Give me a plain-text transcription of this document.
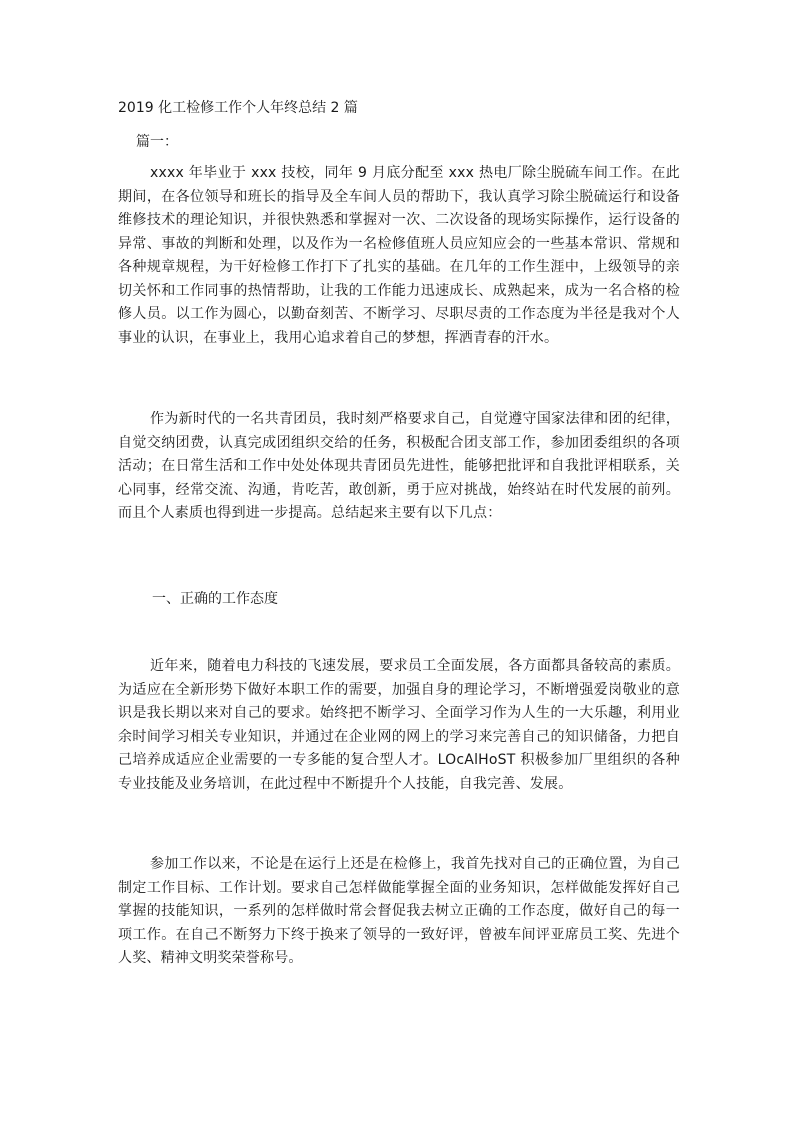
2019 化工检修工作个人年终总结 2 篇
篇一：

xxxx 年毕业于 xxx 技校，同年 9 月底分配至 xxx 热电厂除尘脱硫车间工作。在此期间，在各位领导和班长的指导及全车间人员的帮助下，我认真学习除尘脱硫运行和设备维修技术的理论知识，并很快熟悉和掌握对一次、二次设备的现场实际操作，运行设备的异常、事故的判断和处理，以及作为一名检修值班人员应知应会的一些基本常识、常规和各种规章规程，为干好检修工作打下了扎实的基础。在几年的工作生涯中，上级领导的亲切关怀和工作同事的热情帮助，让我的工作能力迅速成长、成熟起来，成为一名合格的检修人员。以工作为圆心，以勤奋刻苦、不断学习、尽职尽责的工作态度为半径是我对个人事业的认识，在事业上，我用心追求着自己的梦想，挥洒青春的汗水。

作为新时代的一名共青团员，我时刻严格要求自己，自觉遵守国家法律和团的纪律，自觉交纳团费，认真完成团组织交给的任务，积极配合团支部工作，参加团委组织的各项活动；在日常生活和工作中处处体现共青团员先进性，能够把批评和自我批评相联系，关心同事，经常交流、沟通，肯吃苦，敢创新，勇于应对挑战，始终站在时代发展的前列。而且个人素质也得到进一步提高。总结起来主要有以下几点：

一、正确的工作态度

近年来，随着电力科技的飞速发展，要求员工全面发展，各方面都具备较高的素质。为适应在全新形势下做好本职工作的需要，加强自身的理论学习，不断增强爱岗敬业的意识是我长期以来对自己的要求。始终把不断学习、全面学习作为人生的一大乐趣，利用业余时间学习相关专业知识，并通过在企业网的网上的学习来完善自己的知识储备，力把自己培养成适应企业需要的一专多能的复合型人才。LOcAlHoST 积极参加厂里组织的各种专业技能及业务培训，在此过程中不断提升个人技能，自我完善、发展。

参加工作以来，不论是在运行上还是在检修上，我首先找对自己的正确位置，为自己制定工作目标、工作计划。要求自己怎样做能掌握全面的业务知识，怎样做能发挥好自己掌握的技能知识，一系列的怎样做时常会督促我去树立正确的工作态度，做好自己的每一项工作。在自己不断努力下终于换来了领导的一致好评，曾被车间评亚席员工奖、先进个人奖、精神文明奖荣誉称号。
